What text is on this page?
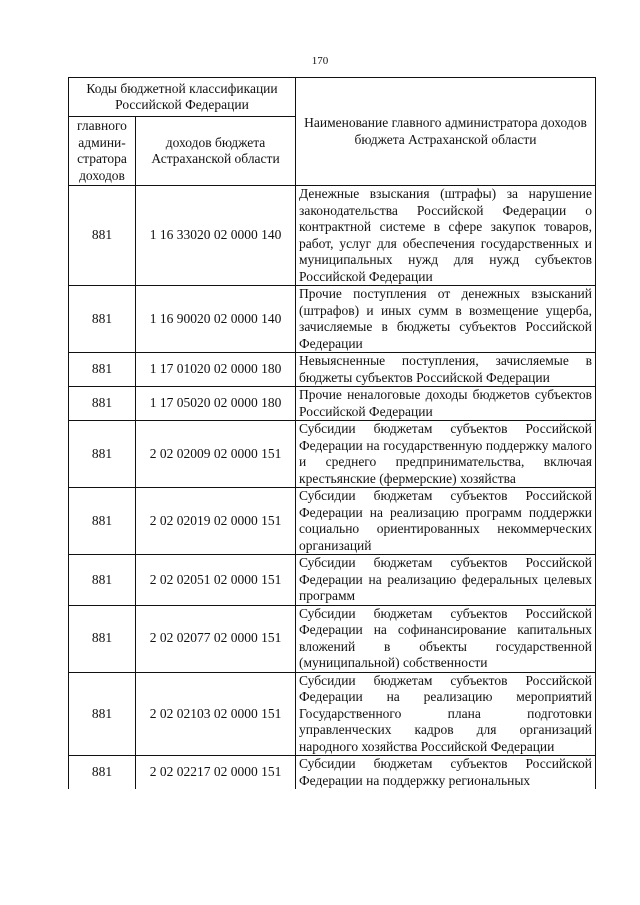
170
Коды бюджетной классификации Российской Федерации		Наименование главного администратора доходов бюджета Астраханской области
главного админи-стратора доходов	доходов бюджета Астраханской области	
881	1 16 33020 02 0000 140	Денежные взыскания (штрафы) за нарушение законодательства Российской Федерации о контрактной системе в сфере закупок товаров, работ, услуг для обеспечения государственных и муниципальных нужд для нужд субъектов Российской Федерации
881	1 16 90020 02 0000 140	Прочие поступления от денежных взысканий (штрафов) и иных сумм в возмещение ущерба, зачисляемые в бюджеты субъектов Российской Федерации
881	1 17 01020 02 0000 180	Невыясненные поступления, зачисляемые в бюджеты субъектов Российской Федерации
881	1 17 05020 02 0000 180	Прочие неналоговые доходы бюджетов субъектов Российской Федерации
881	2 02 02009 02 0000 151	Субсидии бюджетам субъектов Российской Федерации на государственную поддержку малого и среднего предпринимательства, включая крестьянские (фермерские) хозяйства
881	2 02 02019 02 0000 151	Субсидии бюджетам субъектов Российской Федерации на реализацию программ поддержки социально ориентированных некоммерческих организаций
881	2 02 02051 02 0000 151	Субсидии бюджетам субъектов Российской Федерации на реализацию федеральных целевых программ
881	2 02 02077 02 0000 151	Субсидии бюджетам субъектов Российской Федерации на софинансирование капитальных вложений в объекты государственной (муниципальной) собственности
881	2 02 02103 02 0000 151	Субсидии бюджетам субъектов Российской Федерации на реализацию мероприятий Государственного плана подготовки управленческих кадров для организаций народного хозяйства Российской Федерации
881	2 02 02217 02 0000 151	Субсидии бюджетам субъектов Российской Федерации на поддержку региональных
